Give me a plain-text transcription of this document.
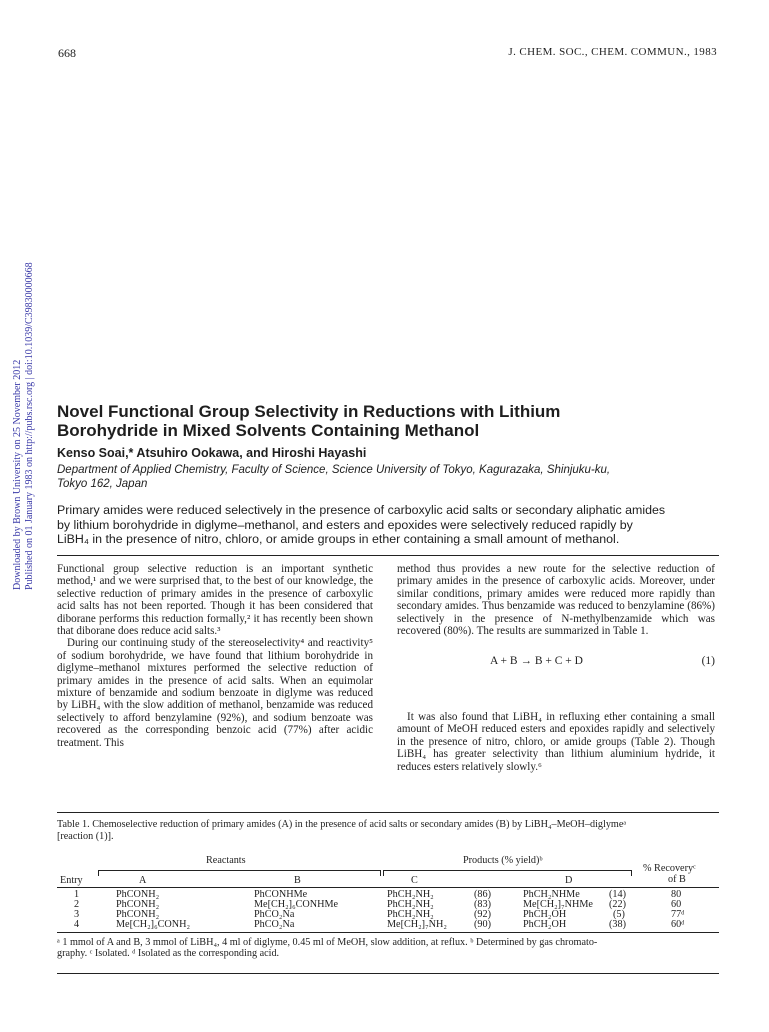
668	J. CHEM. SOC., CHEM. COMMUN., 1983
Downloaded by Brown University on 25 November 2012 Published on 01 January 1983 on http://pubs.rsc.org | doi:10.1039/C39830000668 Novel Functional Group Selectivity in Reductions with Lithium
Borohydride in Mixed Solvents Containing Methanol
Kenso Soai,* Atsuhiro Ookawa, and Hiroshi Hayashi
Department of Applied Chemistry, Faculty of Science, Science University of Tokyo, Kagurazaka, Shinjuku-ku,
Tokyo 162, Japan
Primary amides were reduced selectively in the presence of carboxylic acid salts or secondary aliphatic amides
by lithium borohydride in diglyme–methanol, and esters and epoxides were selectively reduced rapidly by
LiBH₄ in the presence of nitro, chloro, or amide groups in ether containing a small amount of methanol.

Functional group selective reduction is an important synthetic method,¹ and we were surprised that, to the best of our knowledge, the selective reduction of primary amides in the presence of carboxylic acid salts has not been reported. Though it has been considered that diborane performs this reduction formally,² it has recently been shown that diborane does reduce acid salts.³

During our continuing study of the stereoselectivity⁴ and reactivity⁵ of sodium borohydride, we have found that lithium borohydride in diglyme–methanol mixtures performed the selective reduction of primary amides in the presence of acid salts. When an equimolar mixture of benzamide and sodium benzoate in diglyme was reduced by LiBH₄ with the slow addition of methanol, benzamide was reduced selectively to afford benzylamine (92%), and sodium benzoate was recovered as the corresponding benzoic acid (77%) after acidic treatment. This

method thus provides a new route for the selective reduction of primary amides in the presence of carboxylic acids. Moreover, under similar conditions, primary amides were reduced more rapidly than secondary amides. Thus benzamide was reduced to benzylamine (86%) selectively in the presence of N-methylbenzamide which was recovered (80%). The results are summarized in Table 1.

A + B → B + C + D	(1)

It was also found that LiBH₄ in refluxing ether containing a small amount of MeOH reduced esters and epoxides rapidly and selectively in the presence of nitro, chloro, or amide groups (Table 2). Though LiBH₄ has greater selectivity than lithium aluminium hydride, it reduces esters relatively slowly.⁶

Table 1. Chemoselective reduction of primary amides (A) in the presence of acid salts or secondary amides (B) by LiBH₄–MeOH–diglymeᵃ
[reaction (1)].
Reactants	Products (% yield)ᵇ
% Recoveryᶜ
of B
Entry	A	B	C	D
1	PhCONH₂	PhCONHMe	PhCH₂NH₂	(86)	PhCH₂NHMe	(14)	80
2	PhCONH₂	Me[CH₂]₆CONHMe	PhCH₂NH₂	(83)	Me[CH₂]₇NHMe (22)	60
3	PhCONH₂	PhCO₂Na	PhCH₂NH₂	(92)	PhCH₂OH	(5)	77ᵈ
4	Me[CH₂]₆CONH₂	PhCO₂Na	Me[CH₂]₇NH₂	(90)	PhCH₂OH	(38)	60ᵈ
ᵃ 1 mmol of A and B, 3 mmol of LiBH₄, 4 ml of diglyme, 0.45 ml of MeOH, slow addition, at reflux. ᵇ Determined by gas chromato-
graphy. ᶜ Isolated. ᵈ Isolated as the corresponding acid.
